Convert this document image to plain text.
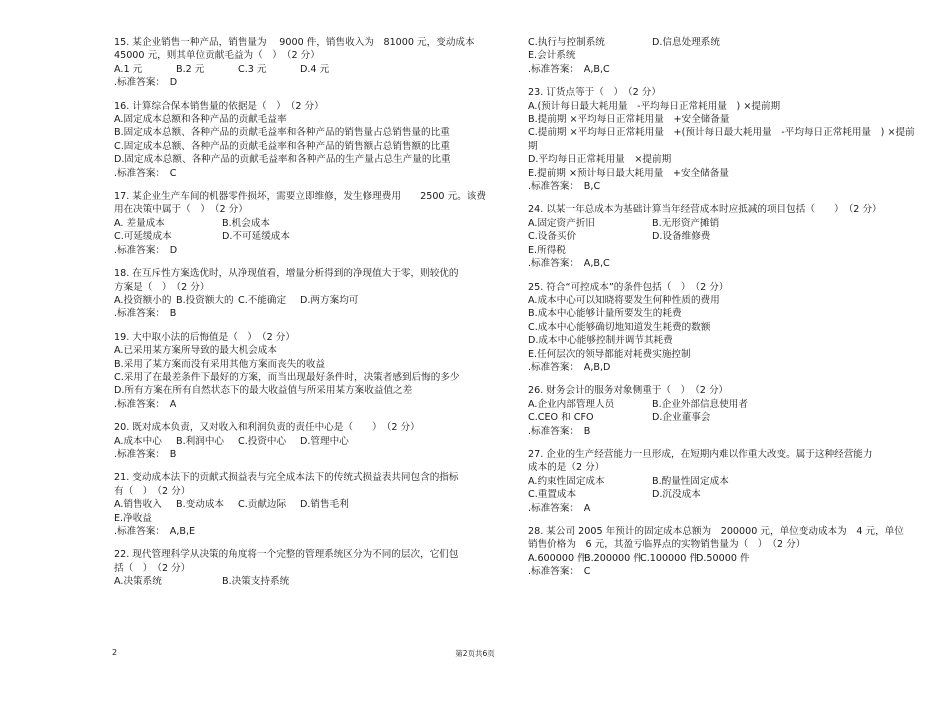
15. 某企业销售一种产品，销售量为 　9000 件，销售收入为　81000 元，变动成本
45000 元，则其单位贡献毛益为（　）　（2 分）
A.1 元	B.2 元	C.3 元	D.4 元
.标准答案：　D
16. 计算综合保本销售量的依据是（　）　（2 分）
A.固定成本总额和各种产品的贡献毛益率
B.固定成本总额、各种产品的贡献毛益率和各种产品的销售量占总销售量的比重
C.固定成本总额、各种产品的贡献毛益率和各种产品的销售额占总销售额的比重
D.固定成本总额、各种产品的贡献毛益率和各种产品的生产量占总生产量的比重
.标准答案：　C
17. 某企业生产车间的机器零件损坏，需要立即维修，发生修理费用　　2500 元。该费
用在决策中属于（　）　（2 分）
A. 差量成本	B.机会成本
C.可延缓成本	D.不可延缓成本
.标准答案：　D
18. 在互斥性方案选优时，从净现值看，增量分析得到的净现值大于零，则较优的
方案是（　）　（2 分）
A.投资额小的 B.投资额大的 C.不能确定 D.两方案均可
.标准答案：　B
19. 大中取小法的后悔值是（　）　（2 分）
A.已采用某方案所导致的最大机会成本
B.采用了某方案而没有采用其他方案而丧失的收益
C.采用了在最差条件下最好的方案，而当出现最好条件时，决策者感到后悔的多少
D.所有方案在所有自然状态下的最大收益值与所采用某方案收益值之差
.标准答案：　A
20. 既对成本负责，又对收入和利润负责的责任中心是（　　）　（2 分）
A.成本中心 B.利润中心 C.投资中心 D.管理中心
.标准答案：　B
21. 变动成本法下的贡献式损益表与完全成本法下的传统式损益表共同包含的指标
有（　）　（2 分）
A.销售收入 B.变动成本 C.贡献边际 D.销售毛利
E.净收益
.标准答案：　A,B,E
22. 现代管理科学从决策的角度将一个完整的管理系统区分为不同的层次，它们包
括（　）　（2 分）
A.决策系统	B.决策支持系统
C.执行与控制系统	D.信息处理系统
E.会计系统
.标准答案：　A,B,C
23. 订货点等于（　）　（2 分）
A.(预计每日最大耗用量　-平均每日正常耗用量　) ×提前期
B.提前期 ×平均每日正常耗用量　+安全储备量
C.提前期 ×平均每日正常耗用量　+(预计每日最大耗用量　-平均每日正常耗用量　) ×提前
期
D.平均每日正常耗用量　×提前期
E.提前期 ×预计每日最大耗用量　+安全储备量
.标准答案：　B,C
24. 以某一年总成本为基础计算当年经营成本时应抵减的项目包括（　　）　（2 分）
A.固定资产折旧	B.无形资产摊销
C.设备买价	D.设备维修费
E.所得税
.标准答案：　A,B,C
25. 符合“可控成本”的条件包括（　）　（2 分）
A.成本中心可以知晓将要发生何种性质的费用
B.成本中心能够计量所要发生的耗费
C.成本中心能够确切地知道发生耗费的数额
D.成本中心能够控制并调节其耗费
E.任何层次的领导都能对耗费实施控制
.标准答案：　A,B,D
26. 财务会计的服务对象侧重于（　）　（2 分）
A.企业内部管理人员	B.企业外部信息使用者
C.CEO 和 CFO	D.企业董事会
.标准答案：　B
27. 企业的生产经营能力一旦形成，在短期内难以作重大改变。属于这种经营能力
成本的是（2 分）
A.约束性固定成本	B.酌量性固定成本
C.重置成本	D.沉没成本
.标准答案：　A
28. 某公司 2005 年预计的固定成本总额为　200000 元，单位变动成本为　4 元，单位
销售价格为　6 元，其盈亏临界点的实物销售量为（　）　（2 分）
A.600000 件B.200000 件C.100000 件D.50000 件
.标准答案：　C
2	第2页共6页
